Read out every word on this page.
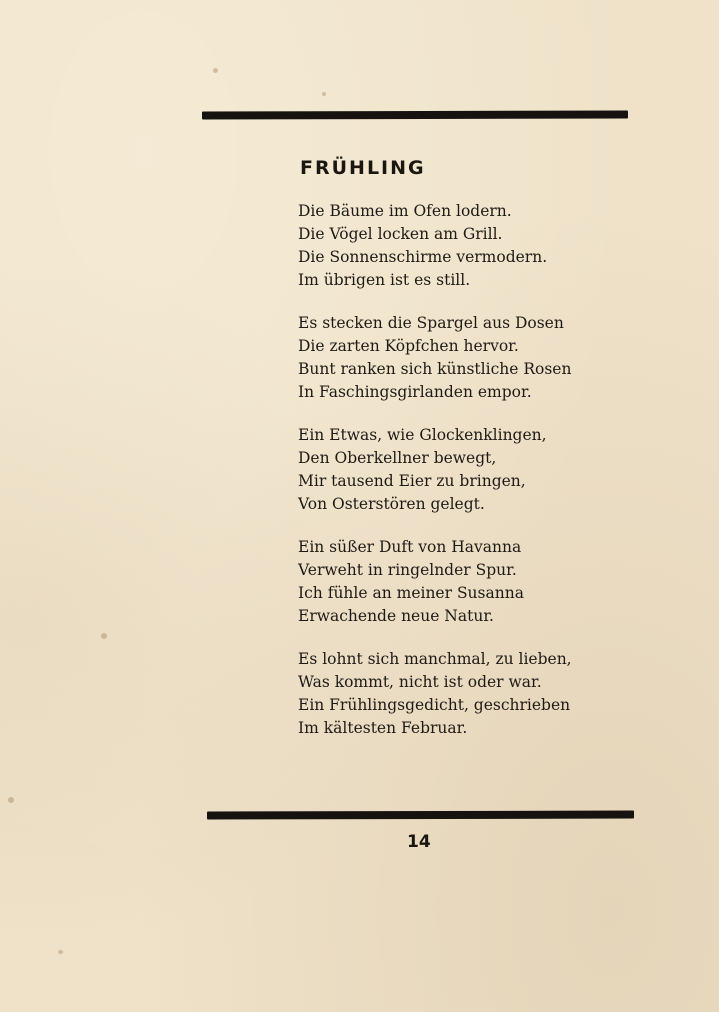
FRÜHLING
Die Bäume im Ofen lodern.
Die Vögel locken am Grill.
Die Sonnenschirme vermodern.
Im übrigen ist es still.
Es stecken die Spargel aus Dosen
Die zarten Köpfchen hervor.
Bunt ranken sich künstliche Rosen
In Faschingsgirlanden empor.
Ein Etwas, wie Glockenklingen,
Den Oberkellner bewegt,
Mir tausend Eier zu bringen,
Von Osterstören gelegt.
Ein süßer Duft von Havanna
Verweht in ringelnder Spur.
Ich fühle an meiner Susanna
Erwachende neue Natur.
Es lohnt sich manchmal, zu lieben,
Was kommt, nicht ist oder war.
Ein Frühlingsgedicht, geschrieben
Im kältesten Februar.
14
